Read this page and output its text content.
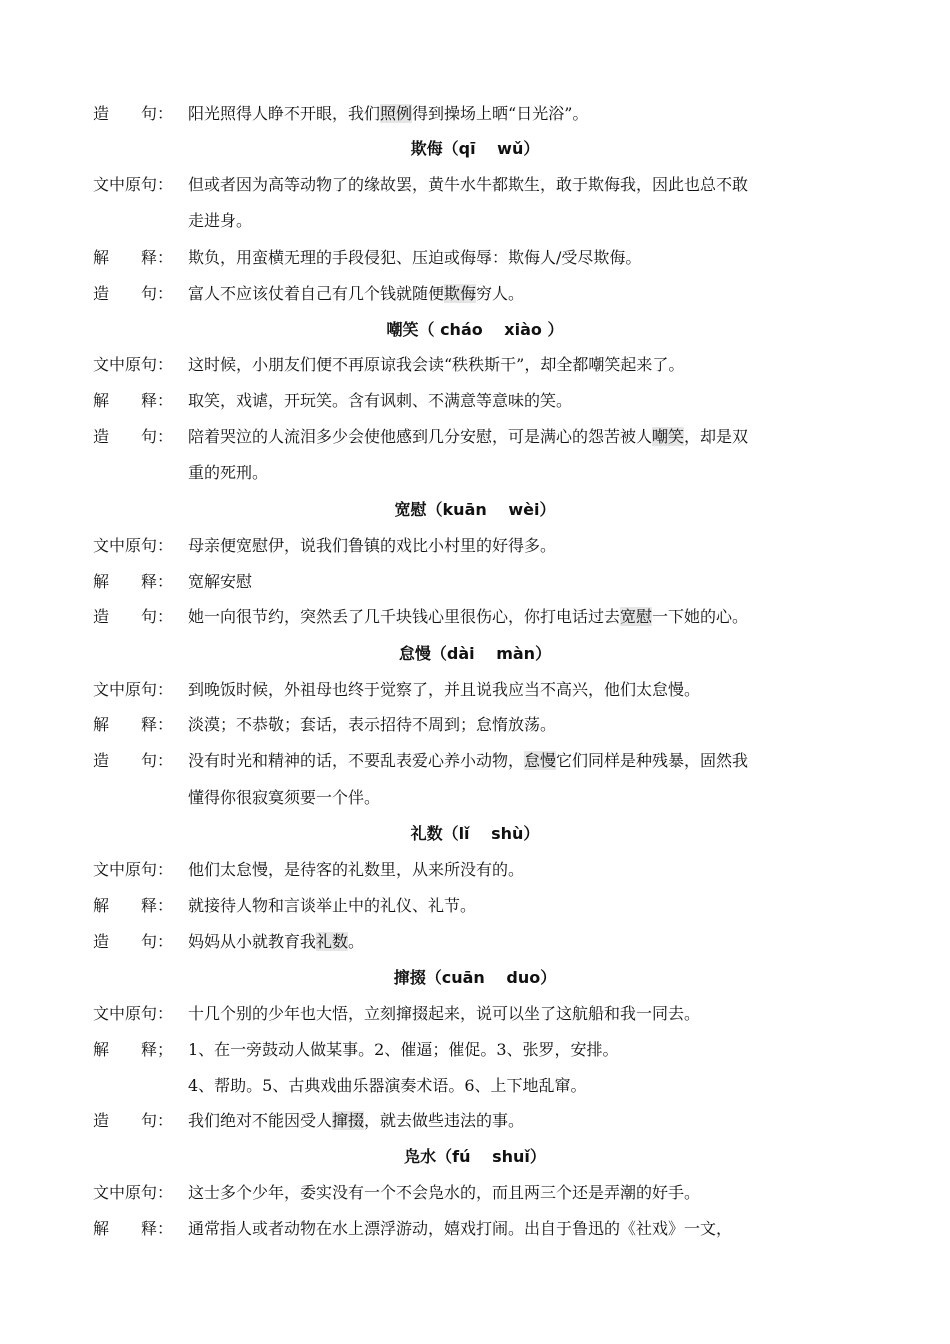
造　　句： 阳光照得人睁不开眼，我们照例得到操场上晒“日光浴”。
欺侮（qī　 wǔ）
文中原句： 但或者因为高等动物了的缘故罢，黄牛水牛都欺生，敢于欺侮我，因此也总不敢
走进身。
解　　释： 欺负，用蛮横无理的手段侵犯、压迫或侮辱：欺侮人/受尽欺侮。
造　　句： 富人不应该仗着自己有几个钱就随便欺侮穷人。
嘲笑（ cháo　 xiào ）
文中原句： 这时候，小朋友们便不再原谅我会读“秩秩斯干”，却全都嘲笑起来了。
解　　释： 取笑，戏谑，开玩笑。含有讽刺、不满意等意味的笑。
造　　句： 陪着哭泣的人流泪多少会使他感到几分安慰，可是满心的怨苦被人嘲笑，却是双
重的死刑。
宽慰（kuān　 wèi）
文中原句： 母亲便宽慰伊，说我们鲁镇的戏比小村里的好得多。
解　　释： 宽解安慰
造　　句： 她一向很节约，突然丢了几千块钱心里很伤心，你打电话过去宽慰一下她的心。
怠慢（dài　 màn）
文中原句： 到晚饭时候，外祖母也终于觉察了，并且说我应当不高兴，他们太怠慢。
解　　释： 淡漠；不恭敬；套话，表示招待不周到；怠惰放荡。
造　　句： 没有时光和精神的话，不要乱表爱心养小动物，怠慢它们同样是种残暴，固然我
懂得你很寂寞须要一个伴。
礼数（lǐ　 shù）
文中原句： 他们太怠慢，是待客的礼数里，从来所没有的。
解　　释： 就接待人物和言谈举止中的礼仪、礼节。
造　　句： 妈妈从小就教育我礼数。
撺掇（cuān　 duo）
文中原句： 十几个别的少年也大悟，立刻撺掇起来，说可以坐了这航船和我一同去。
解　　释； 1、在一旁鼓动人做某事。2、催逼；催促。3、张罗，安排。
4、帮助。5、古典戏曲乐器演奏术语。6、上下地乱窜。
造　　句： 我们绝对不能因受人撺掇，就去做些违法的事。
凫水（fú　 shuǐ）
文中原句： 这士多个少年，委实没有一个不会凫水的，而且两三个还是弄潮的好手。
解　　释： 通常指人或者动物在水上漂浮游动，嬉戏打闹。出自于鲁迅的《社戏》一文，
